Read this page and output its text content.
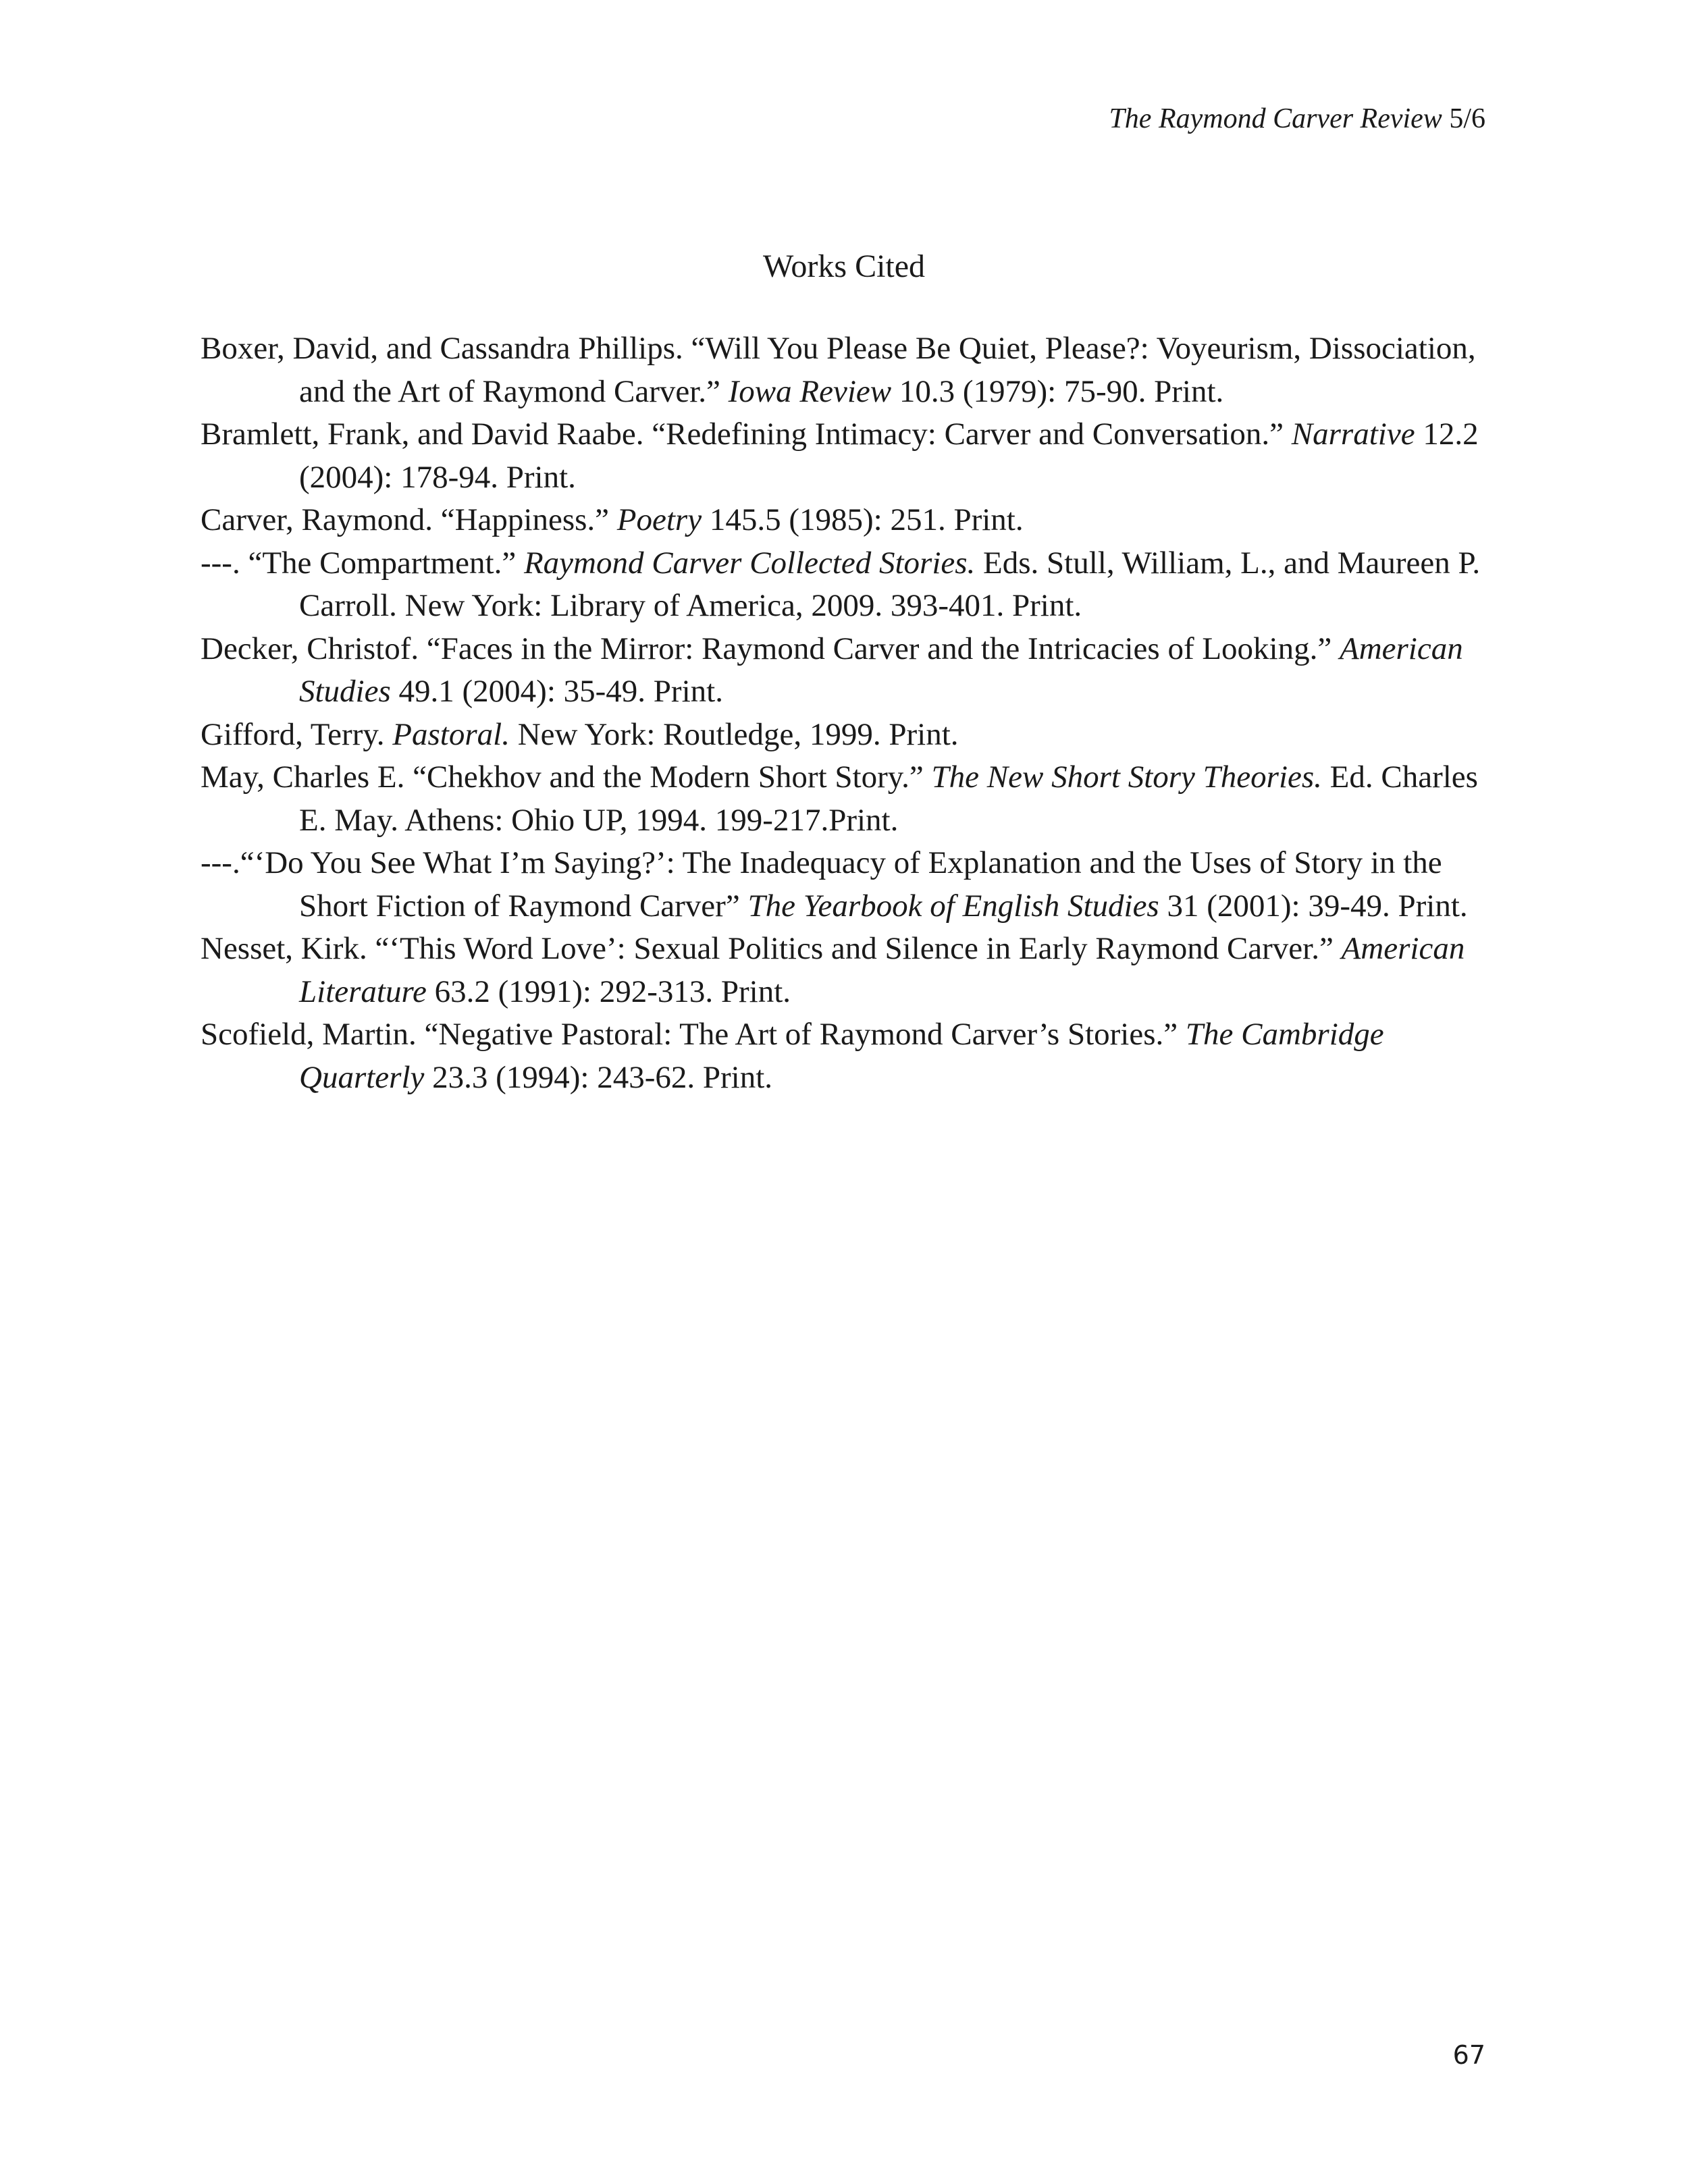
The Raymond Carver Review 5/6
Works Cited

Boxer, David, and Cassandra Phillips. “Will You Please Be Quiet, Please?: Voyeurism, Dissociation, and the Art of Raymond Carver.” Iowa Review 10.3 (1979): 75-90. Print.

Bramlett, Frank, and David Raabe. “Redefining Intimacy: Carver and Conversation.” Narrative 12.2 (2004): 178-94. Print.

Carver, Raymond. “Happiness.” Poetry 145.5 (1985): 251. Print.

---. “The Compartment.” Raymond Carver Collected Stories. Eds. Stull, William, L., and Maureen P. Carroll. New York: Library of America, 2009. 393-401. Print.

Decker, Christof. “Faces in the Mirror: Raymond Carver and the Intricacies of Looking.” American Studies 49.1 (2004): 35-49. Print.

Gifford, Terry. Pastoral. New York: Routledge, 1999. Print.

May, Charles E. “Chekhov and the Modern Short Story.” The New Short Story Theories. Ed. Charles E. May. Athens: Ohio UP, 1994. 199-217.Print.

---.“‘Do You See What I’m Saying?’: The Inadequacy of Explanation and the Uses of Story in the Short Fiction of Raymond Carver” The Yearbook of English Studies 31 (2001): 39-49. Print.

Nesset, Kirk. “‘This Word Love’: Sexual Politics and Silence in Early Raymond Carver.” American Literature 63.2 (1991): 292-313. Print.

Scofield, Martin. “Negative Pastoral: The Art of Raymond Carver’s Stories.” The Cambridge Quarterly 23.3 (1994): 243-62. Print.

67
